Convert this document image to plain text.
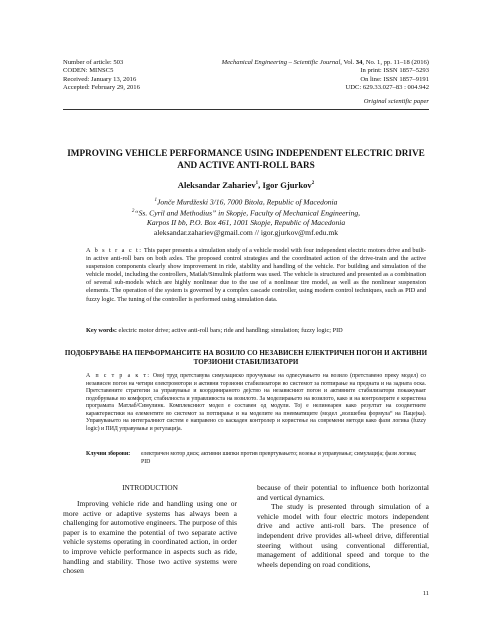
Number of article: 503
CODEN: MINSC5
Received: January 13, 2016
Accepted: February 29, 2016
Mechanical Engineering – Scientific Journal, Vol. 34, No. 1, pp. 11–18 (2016)
In print: ISSN 1857–5293
On line: ISSN 1857–9191
UDC: 629.33.027–83 : 004.942
Original scientific paper
IMPROVING VEHICLE PERFORMANCE USING INDEPENDENT ELECTRIC DRIVE AND ACTIVE ANTI-ROLL BARS
Aleksandar Zahariev$^1$, Igor Gjurkov$^2$
$^1$Jonče Murdžeski 3/16, 7000 Bitola, Republic of Macedonia
$^2$“Ss. Cyril and Methodius” in Skopje, Faculty of Mechanical Engineering,
Karpos II bb, P.O. Box 461, 1001 Skopje, Republic of Macedonia
aleksandar.zahariev@gmail.com // igor.gjurkov@mf.edu.mk
A b s t r a c t: This paper presents a simulation study of a vehicle model with four independent electric motors drive and built-in active anti-roll bars on both axles. The proposed control strategies and the coordinated action of the drive-train and the active suspension components clearly show improvement in ride, stability and handling of the vehicle. For building and simulation of the vehicle model, including the controllers, Matlab/Simulink platform was used. The vehicle is structured and presented as a combination of several sub-models which are highly nonlinear due to the use of a nonlinear tire model, as well as the nonlinear suspension elements. The operation of the system is governed by a complex cascade controller, using modern control techniques, such as PID and fuzzy logic. The tuning of the controller is performed using simulation data.
Key words: electric motor drive; active anti-roll bars; ride and handling; simulation; fuzzy logic; PID
ПОДОБРУВАЊЕ НА ПЕРФОРМАНСИТЕ НА ВОЗИЛО СО НЕЗАВИСЕН ЕЛЕКТРИЧЕН ПОГОН И АКТИВНИ ТОРЗИОНИ СТАБИЛИЗАТОРИ
А п с т р а к т: Овој труд претставува симулациско проучување на одnесувањето на возило (претставено преку модел) со независен погон на четири електромотори и активни торзиони стабилизатори во системот за потпирање на предната и на задната оска. Претставените стратегии за управување и координираното дејство на независниот погон и активните стабилизатори покажуваат подобрување во комфорот, стабилноста и управливоста на возилото. За моделирањето на возилото, како и на контролерите е користена програмата Матлаб/Симулинк. Комплексниот модел е составен од модули. Тој е нелинеарен како резултат на соодветните карактеристики на елементите во системот за потпирање и на моделите на пневматиците (модел „волшебна формула“ на Пацејка). Управувањето на интегралниот систем е направено со каскаден контролер и користење на современи методи како фази логика (fuzzy logic) и ПИД управување и регулација.
Клучни зборови: електричен мотор диск; активни шипки против превртувањето; возење и управување; симулација; фази логика; PID
INTRODUCTION
Improving vehicle ride and handling using one or more active or adaptive systems has always been a challenging for automotive engineers. The purpose of this paper is to examine the potential of two separate active vehicle systems operating in coordinated action, in order to improve vehicle performance in aspects such as ride, handling and stability. Those two active systems were chosen

because of their potential to influence both horizontal and vertical dynamics.

The study is presented through simulation of a vehicle model with four electric motors independent drive and active anti-roll bars. The presence of independent drive provides all-wheel drive, differential steering without using conventional differential, management of additional speed and torque to the wheels depending on road conditions,

11
